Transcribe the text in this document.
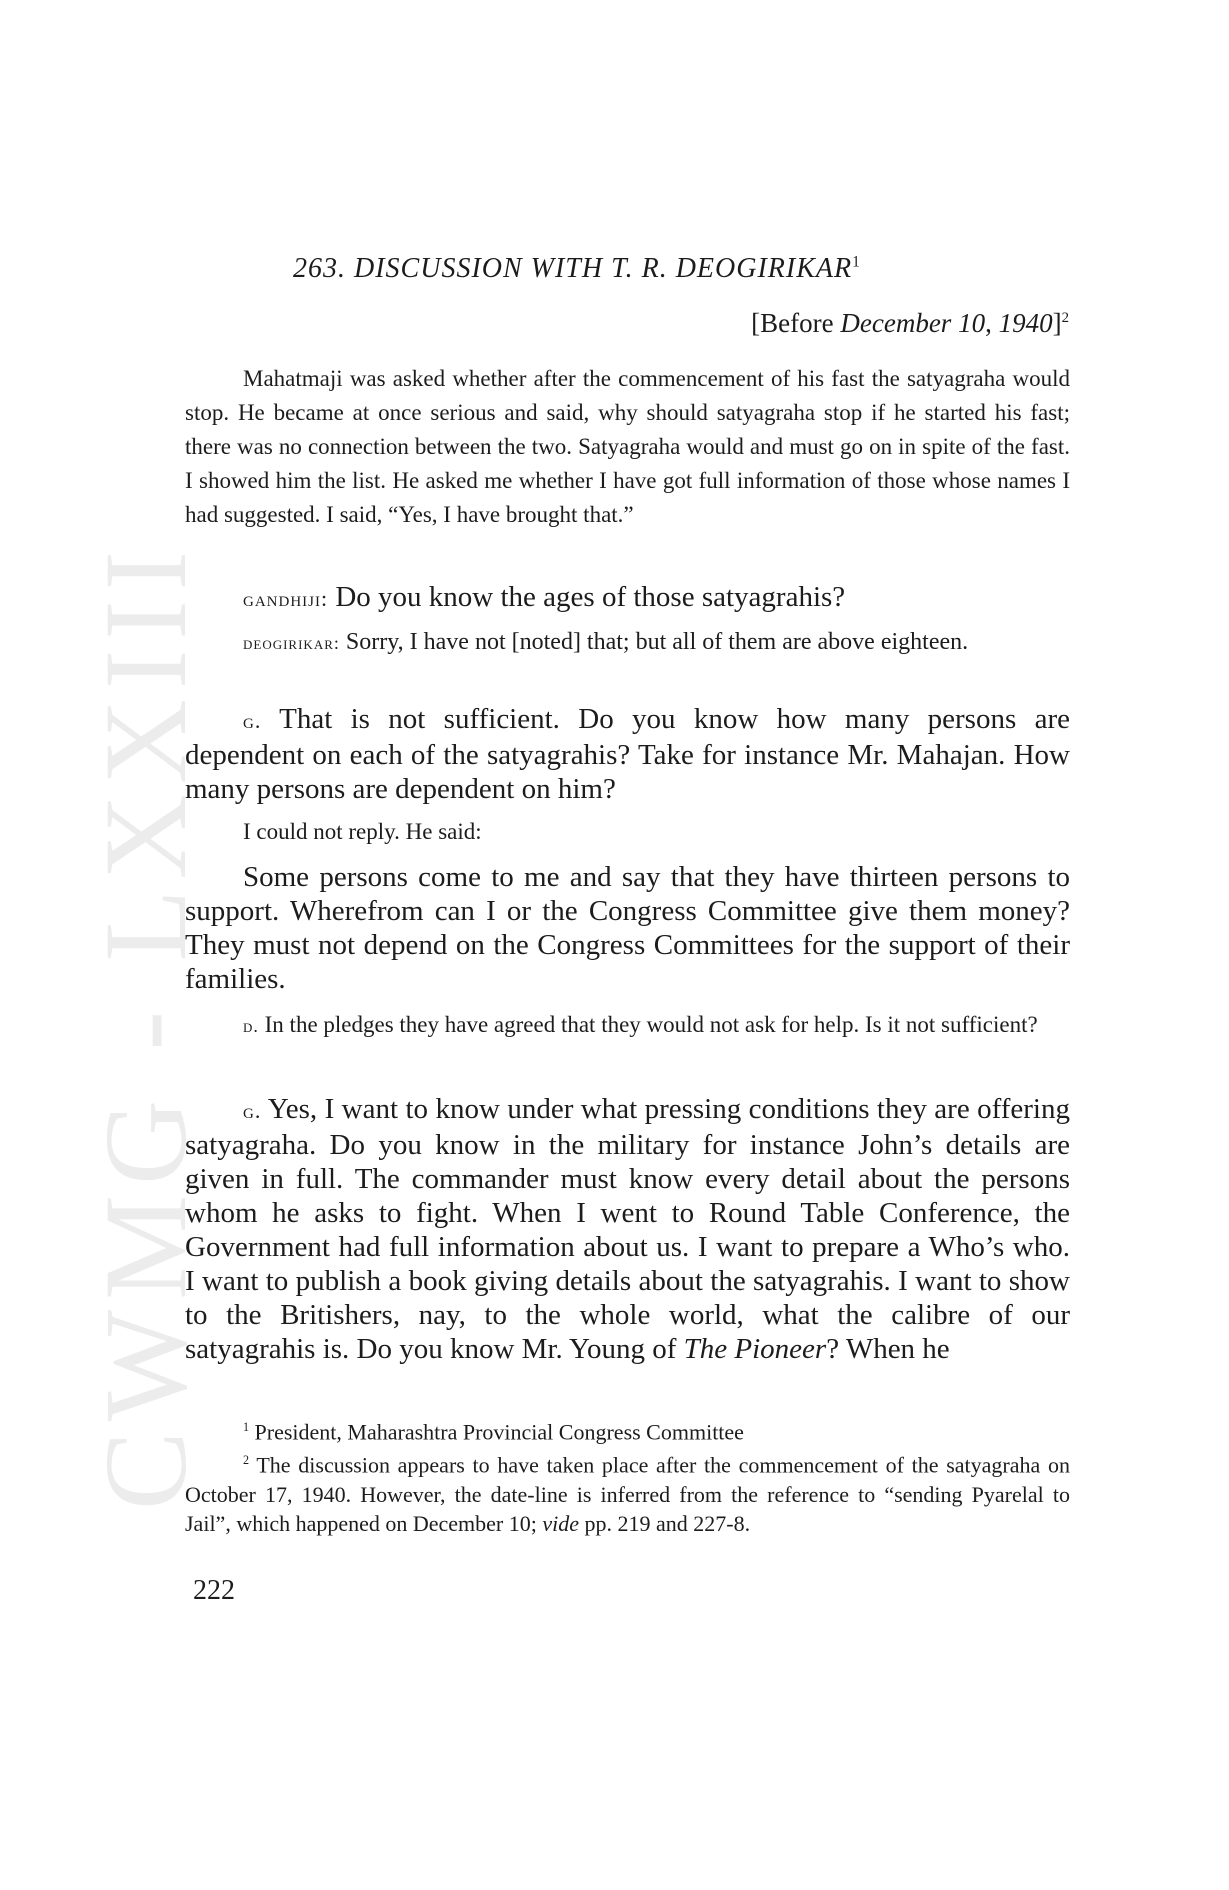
CWMG - LXXIII
263. DISCUSSION WITH T. R. DEOGIRIKAR$^1$
[Before December 10, 1940]$^2$

Mahatmaji was asked whether after the commencement of his fast the satyagraha would stop. He became at once serious and said, why should satyagraha stop if he started his fast; there was no connection between the two. Satyagraha would and must go on in spite of the fast. I showed him the list. He asked me whether I have got full information of those whose names I had suggested. I said, “Yes, I have brought that.”

gandhiji: Do you know the ages of those satyagrahis?

deogirikar: Sorry, I have not [noted] that; but all of them are above eighteen.

g. That is not sufficient. Do you know how many persons are dependent on each of the satyagrahis? Take for instance Mr. Mahajan. How many persons are dependent on him?

I could not reply. He said:

Some persons come to me and say that they have thirteen persons to support. Wherefrom can I or the Congress Committee give them money? They must not depend on the Congress Committees for the support of their families.

d. In the pledges they have agreed that they would not ask for help. Is it not sufficient?

g. Yes, I want to know under what pressing conditions they are offering satyagraha. Do you know in the military for instance John’s details are given in full. The commander must know every detail about the persons whom he asks to fight. When I went to Round Table Conference, the Government had full information about us. I want to prepare a Who’s who. I want to publish a book giving details about the satyagrahis. I want to show to the Britishers, nay, to the whole world, what the calibre of our satyagrahis is. Do you know Mr. Young of The Pioneer? When he

$^1$ President, Maharashtra Provincial Congress Committee

$^2$ The discussion appears to have taken place after the commencement of the satyagraha on October 17, 1940. However, the date-line is inferred from the reference to “sending Pyarelal to Jail”, which happened on December 10; vide pp. 219 and 227-8.

222
